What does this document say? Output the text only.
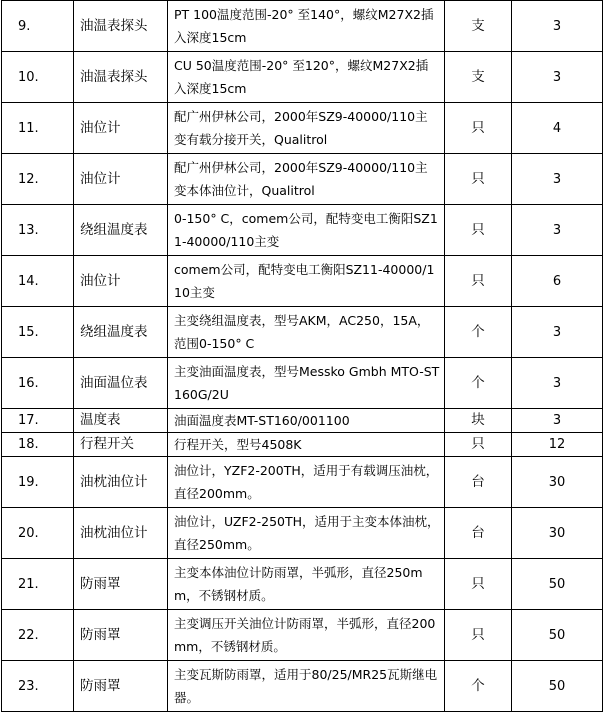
9.	油温表探头	PT 100温度范围-20° 至140°，螺纹M27X2插入深度15cm	支	3
10.	油温表探头	CU 50温度范围-20° 至120°，螺纹M27X2插入深度15cm	支	3
11.	油位计	配广州伊林公司，2000年SZ9-40000/110主变有载分接开关，Qualitrol	只	4
12.	油位计	配广州伊林公司，2000年SZ9-40000/110主变本体油位计，Qualitrol	只	3
13.	绕组温度表	0-150° C，comem公司，配特变电工衡阳SZ11-40000/110主变	只	3
14.	油位计	comem公司，配特变电工衡阳SZ11-40000/110主变	只	6
15.	绕组温度表	主变绕组温度表，型号AKM，AC250，15A，范围0-150° C	个	3
16.	油面温位表	主变油面温度表，型号Messko Gmbh MTO-ST160G/2U	个	3
17.	温度表	油面温度表MT-ST160/001100	块	3
18.	行程开关	行程开关，型号4508K	只	12
19.	油枕油位计	油位计，YZF2-200TH，适用于有载调压油枕，直径200mm。	台	30
20.	油枕油位计	油位计，UZF2-250TH，适用于主变本体油枕，直径250mm。	台	30
21.	防雨罩	主变本体油位计防雨罩，半弧形，直径250mm，不锈钢材质。	只	50
22.	防雨罩	主变调压开关油位计防雨罩，半弧形，直径200mm，不锈钢材质。	只	50
23.	防雨罩	主变瓦斯防雨罩，适用于80/25/MR25瓦斯继电器。	个	50
